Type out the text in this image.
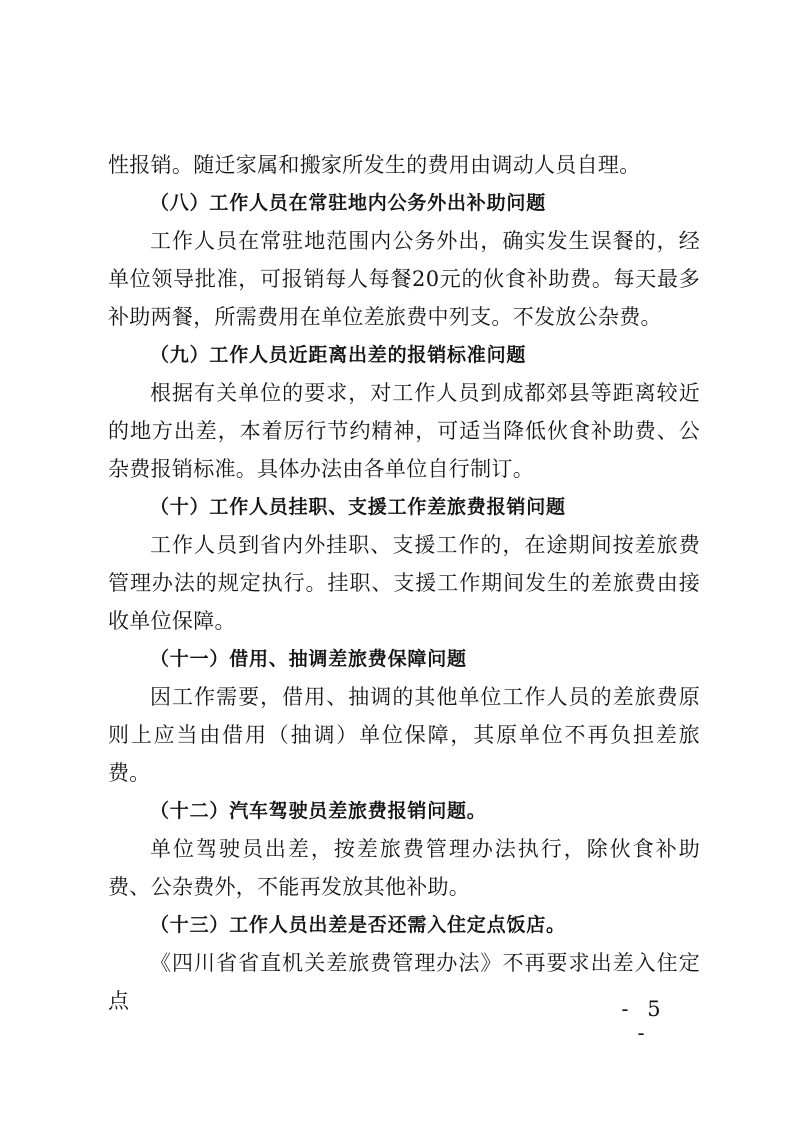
性报销。随迁家属和搬家所发生的费用由调动人员自理。

（八）工作人员在常驻地内公务外出补助问题

工作人员在常驻地范围内公务外出，确实发生误餐的，经单位领导批准，可报销每人每餐20元的伙食补助费。每天最多补助两餐，所需费用在单位差旅费中列支。不发放公杂费。

（九）工作人员近距离出差的报销标准问题

根据有关单位的要求，对工作人员到成都郊县等距离较近的地方出差，本着厉行节约精神，可适当降低伙食补助费、公杂费报销标准。具体办法由各单位自行制订。

（十）工作人员挂职、支援工作差旅费报销问题

工作人员到省内外挂职、支援工作的，在途期间按差旅费管理办法的规定执行。挂职、支援工作期间发生的差旅费由接收单位保障。

（十一）借用、抽调差旅费保障问题

因工作需要，借用、抽调的其他单位工作人员的差旅费原则上应当由借用（抽调）单位保障，其原单位不再负担差旅费。

（十二）汽车驾驶员差旅费报销问题。

单位驾驶员出差，按差旅费管理办法执行，除伙食补助费、公杂费外，不能再发放其他补助。

（十三）工作人员出差是否还需入住定点饭店。

《四川省省直机关差旅费管理办法》不再要求出差入住定点	- 5 -
